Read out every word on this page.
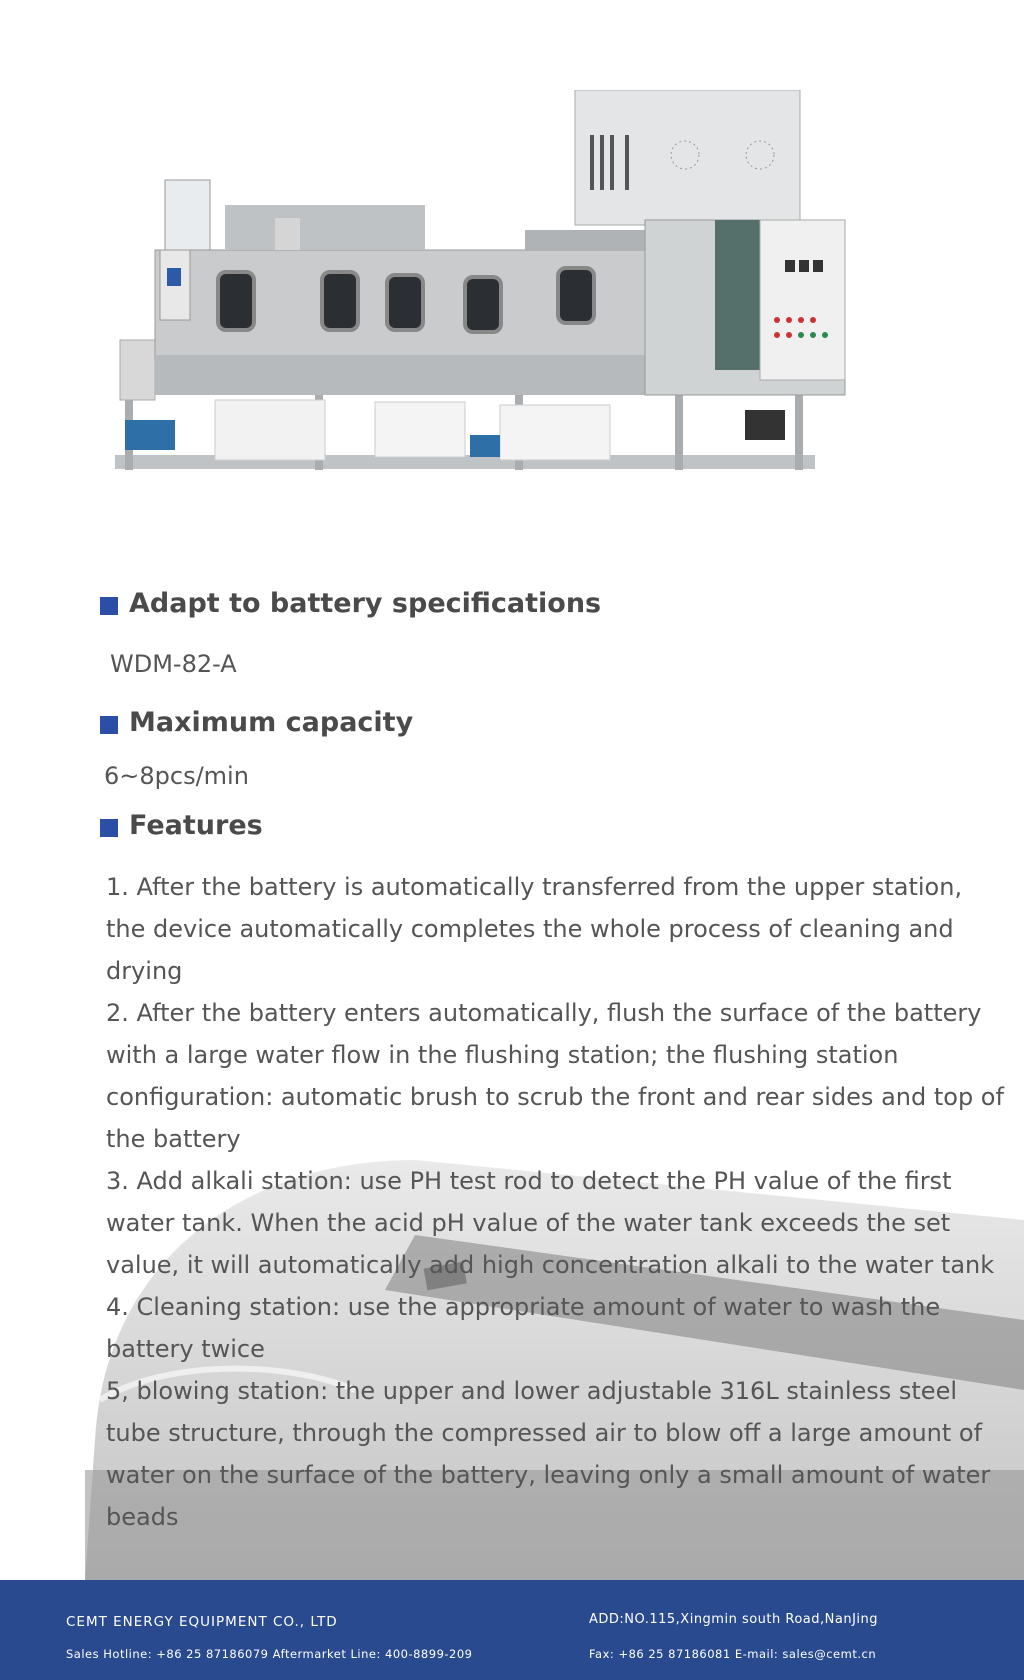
Adapt to battery specifications
WDM-82-A
Maximum capacity
6~8pcs/min
Features

1. After the battery is automatically transferred from the upper station, the device automatically completes the whole process of cleaning and drying

2. After the battery enters automatically, flush the surface of the battery with a large water flow in the flushing station; the flushing station configuration: automatic brush to scrub the front and rear sides and top of the battery

3. Add alkali station: use PH test rod to detect the PH value of the first water tank. When the acid pH value of the water tank exceeds the set value, it will automatically add high concentration alkali to the water tank

4. Cleaning station: use the appropriate amount of water to wash the battery twice

5, blowing station: the upper and lower adjustable 316L stainless steel tube structure, through the compressed air to blow off a large amount of water on the surface of the battery, leaving only a small amount of water beads

CEMT ENERGY EQUIPMENT CO., LTD
Sales Hotline: +86 25 87186079 Aftermarket Line: 400-8899-209
ADD:NO.115,Xingmin south Road,NanJing
Fax: +86 25 87186081 E-mail: sales@cemt.cn
